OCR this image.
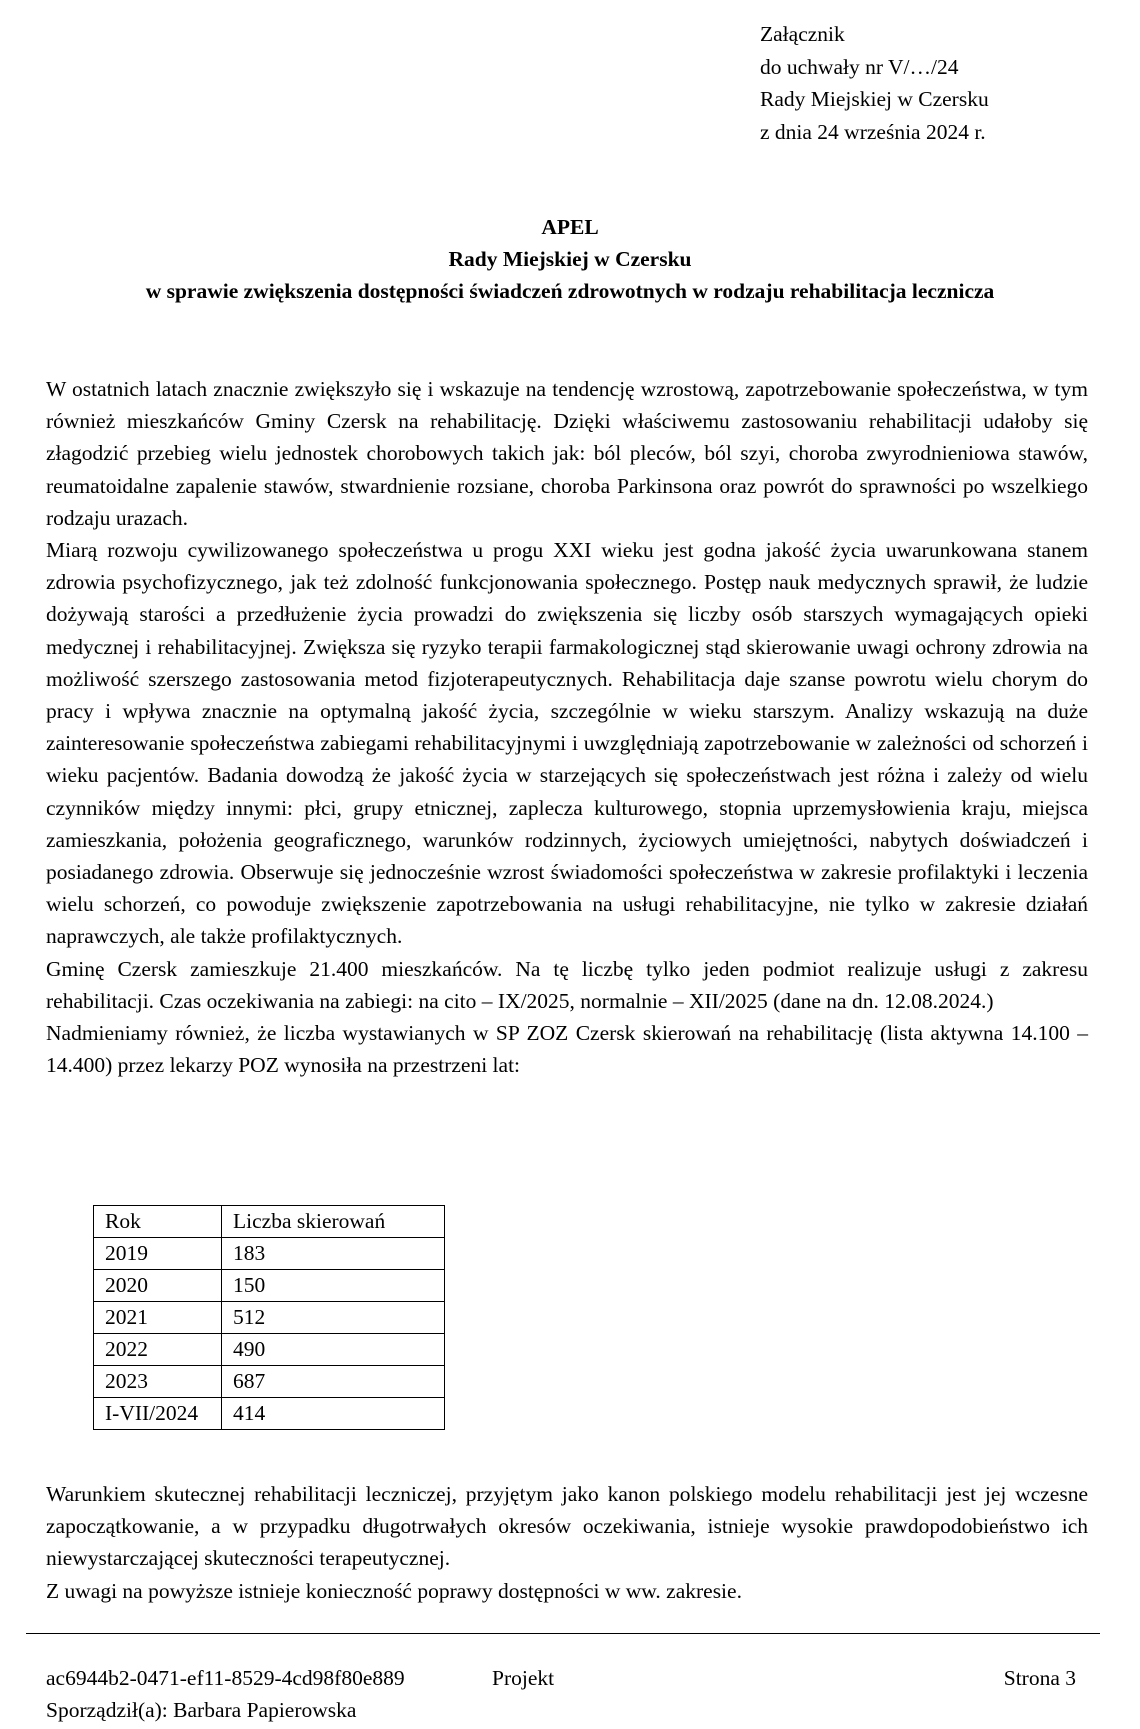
Załącznik
do uchwały nr V/…/24
Rady Miejskiej w Czersku
z dnia 24 września 2024 r.
APEL
Rady Miejskiej w Czersku
w sprawie zwiększenia dostępności świadczeń zdrowotnych w rodzaju rehabilitacja lecznicza

W ostatnich latach znacznie zwiększyło się i wskazuje na tendencję wzrostową, zapotrzebowanie społeczeństwa, w tym również mieszkańców Gminy Czersk na rehabilitację. Dzięki właściwemu zastosowaniu rehabilitacji udałoby się złagodzić przebieg wielu jednostek chorobowych takich jak: ból pleców, ból szyi, choroba zwyrodnieniowa stawów, reumatoidalne zapalenie stawów, stwardnienie rozsiane, choroba Parkinsona oraz powrót do sprawności po wszelkiego rodzaju urazach.

Miarą rozwoju cywilizowanego społeczeństwa u progu XXI wieku jest godna jakość życia uwarunkowana stanem zdrowia psychofizycznego, jak też zdolność funkcjonowania społecznego. Postęp nauk medycznych sprawił, że ludzie dożywają starości a przedłużenie życia prowadzi do zwiększenia się liczby osób starszych wymagających opieki medycznej i rehabilitacyjnej. Zwiększa się ryzyko terapii farmakologicznej stąd skierowanie uwagi ochrony zdrowia na możliwość szerszego zastosowania metod fizjoterapeutycznych. Rehabilitacja daje szanse powrotu wielu chorym do pracy i wpływa znacznie na optymalną jakość życia, szczególnie w wieku starszym. Analizy wskazują na duże zainteresowanie społeczeństwa zabiegami rehabilitacyjnymi i uwzględniają zapotrzebowanie w zależności od schorzeń i wieku pacjentów. Badania dowodzą że jakość życia w starzejących się społeczeństwach jest różna i zależy od wielu czynników między innymi: płci, grupy etnicznej, zaplecza kulturowego, stopnia uprzemysłowienia kraju, miejsca zamieszkania, położenia geograficznego, warunków rodzinnych, życiowych umiejętności, nabytych doświadczeń i posiadanego zdrowia. Obserwuje się jednocześnie wzrost świadomości społeczeństwa w zakresie profilaktyki i leczenia wielu schorzeń, co powoduje zwiększenie zapotrzebowania na usługi rehabilitacyjne, nie tylko w zakresie działań naprawczych, ale także profilaktycznych.

Gminę Czersk zamieszkuje 21.400 mieszkańców. Na tę liczbę tylko jeden podmiot realizuje usługi z zakresu rehabilitacji. Czas oczekiwania na zabiegi: na cito – IX/2025, normalnie – XII/2025 (dane na dn. 12.08.2024.)

Nadmieniamy również, że liczba wystawianych w SP ZOZ Czersk skierowań na rehabilitację (lista aktywna 14.100 – 14.400) przez lekarzy POZ wynosiła na przestrzeni lat:

Rok	Liczba skierowań
2019	183
2020	150
2021	512
2022	490
2023	687
I-VII/2024	414

Warunkiem skutecznej rehabilitacji leczniczej, przyjętym jako kanon polskiego modelu rehabilitacji jest jej wczesne zapoczątkowanie, a w przypadku długotrwałych okresów oczekiwania, istnieje wysokie prawdopodobieństwo ich niewystarczającej skuteczności terapeutycznej.

Z uwagi na powyższe istnieje konieczność poprawy dostępności w ww. zakresie.

ac6944b2-0471-ef11-8529-4cd98f80e889	Projekt	Strona 3
Sporządził(a): Barbara Papierowska
